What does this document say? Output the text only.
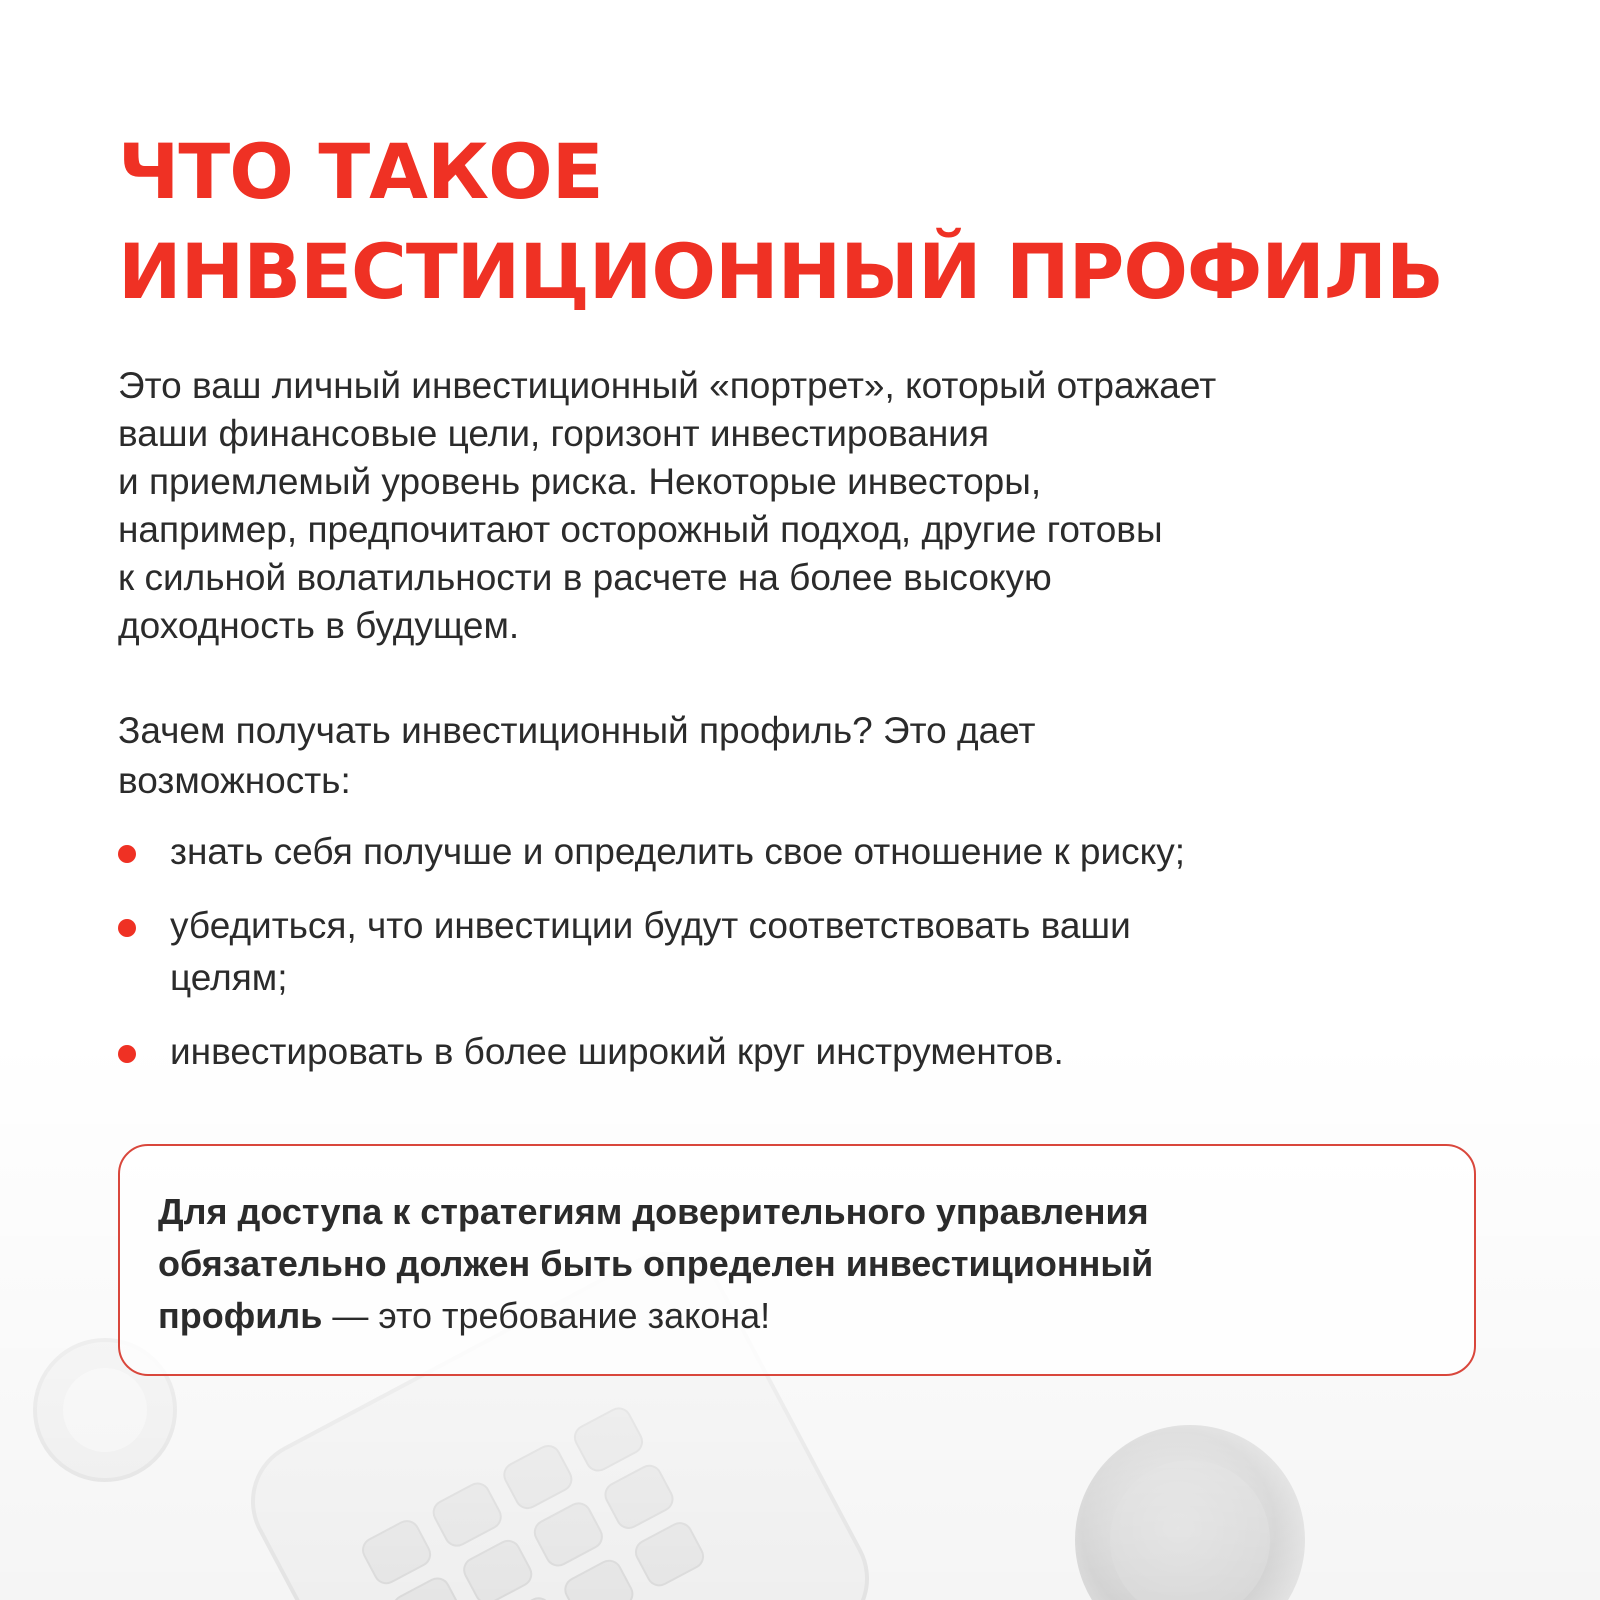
ЧТО ТАКОЕ
ИНВЕСТИЦИОННЫЙ ПРОФИЛЬ

Это ваш личный инвестиционный «портрет», который отражает
ваши финансовые цели, горизонт инвестирования
и приемлемый уровень риска. Некоторые инвесторы,
например, предпочитают осторожный подход, другие готовы
к сильной волатильности в расчете на более высокую
доходность в будущем.

Зачем получать инвестиционный профиль? Это дает
возможность:

знать себя получше и определить свое отношение к риску;
убедиться, что инвестиции будут соответствовать ваши
целям;
инвестировать в более широкий круг инструментов.

Для доступа к стратегиям доверительного управления
обязательно должен быть определен инвестиционный
профиль — это требование закона!
